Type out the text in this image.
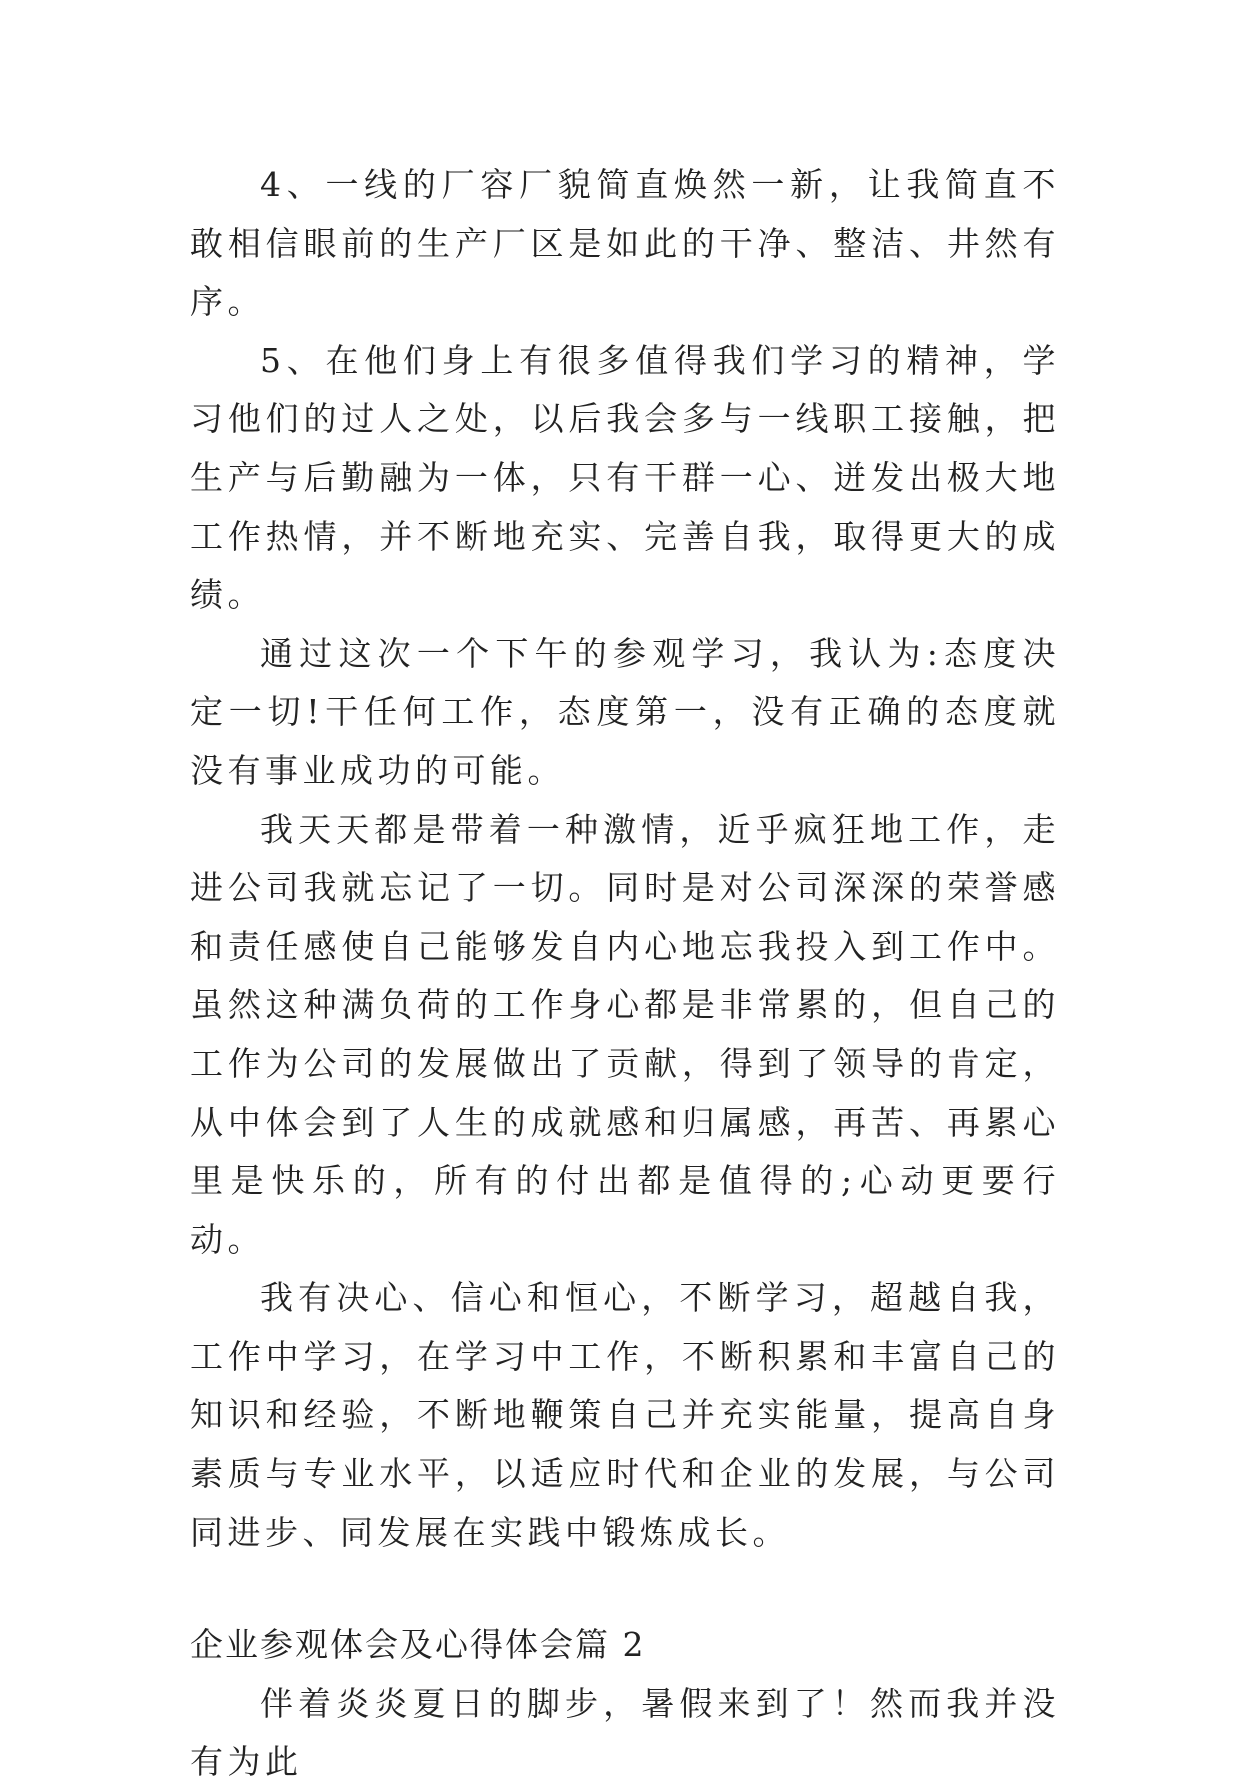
4、一线的厂容厂貌简直焕然一新，让我简直不敢相信眼前的生产厂区是如此的干净、整洁、井然有序。

5、在他们身上有很多值得我们学习的精神，学习他们的过人之处，以后我会多与一线职工接触，把生产与后勤融为一体，只有干群一心、迸发出极大地工作热情，并不断地充实、完善自我，取得更大的成绩。

通过这次一个下午的参观学习，我认为:态度决定一切!干任何工作，态度第一，没有正确的态度就没有事业成功的可能。

我天天都是带着一种激情，近乎疯狂地工作，走进公司我就忘记了一切。同时是对公司深深的荣誉感和责任感使自己能够发自内心地忘我投入到工作中。虽然这种满负荷的工作身心都是非常累的，但自己的工作为公司的发展做出了贡献，得到了领导的肯定，从中体会到了人生的成就感和归属感，再苦、再累心里是快乐的，所有的付出都是值得的;心动更要行动。

我有决心、信心和恒心，不断学习，超越自我，工作中学习，在学习中工作，不断积累和丰富自己的知识和经验，不断地鞭策自己并充实能量，提高自身素质与专业水平，以适应时代和企业的发展，与公司同进步、同发展在实践中锻炼成长。

企业参观体会及心得体会篇 2

伴着炎炎夏日的脚步，暑假来到了！然而我并没有为此
